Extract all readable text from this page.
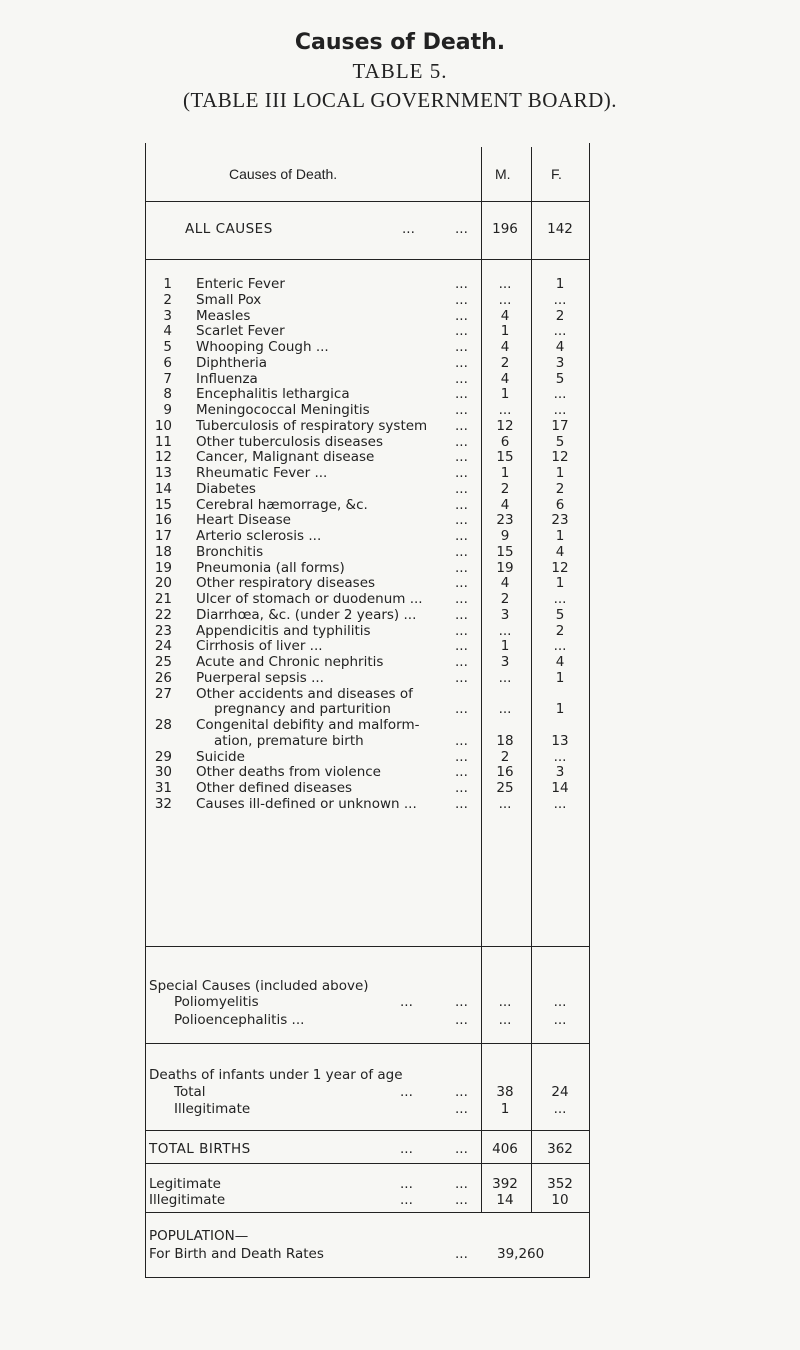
Causes of Death.
TABLE 5.
(TABLE III LOCAL GOVERNMENT BOARD).
Causes of Death.	M.	F.
ALL CAUSES	...	...	196	142
1 Enteric Fever	...	...	1
2 Small Pox	...	...	...
3 Measles	...	4	2
4 Scarlet Fever	...	1	...
5 Whooping Cough ...	...	4	4
6 Diphtheria	...	2	3
7 Influenza	...	4	5
8 Encephalitis lethargica	...	1	...
9 Meningococcal Meningitis	...	...	...
10 Tuberculosis of respiratory system ...	12	17
11 Other tuberculosis diseases	...	6	5
12 Cancer, Malignant disease	...	15	12
13 Rheumatic Fever ...	...	1	1
14 Diabetes	...	2	2
15 Cerebral hæmorrage, &c.	...	4	6
16 Heart Disease	...	23	23
17 Arterio sclerosis ...	...	9	1
18 Bronchitis	...	15	4
19 Pneumonia (all forms)	...	19	12
20 Other respiratory diseases	...	4	1
21 Ulcer of stomach or duodenum ... ...	2	...
22 Diarrhœa, &c. (under 2 years) ...	...	3	5
23 Appendicitis and typhilitis	...	...	2
24 Cirrhosis of liver ...	...	1	...
25 Acute and Chronic nephritis	...	3	4
26 Puerperal sepsis ...	...	...	1
27 Other accidents and diseases of
pregnancy and parturition	...	...	1
28 Congenital debifity and malform-
ation, premature birth	...	18	13
29 Suicide	...	2	...
30 Other deaths from violence	...	16	3
31 Other defined diseases	...	25	14
32 Causes ill-defined or unknown ...	...	...	...
Special Causes (included above)
Poliomyelitis	...	...	...	...
Polioencephalitis ...	...	...	...
Deaths of infants under 1 year of age
Total	...	...	38	24
Illegitimate	...	1	...
TOTAL BIRTHS	...	...	406	362
Legitimate	...	...	392	352
Illegitimate	...	...	14	10
POPULATION—
For Birth and Death Rates	... 39,260
